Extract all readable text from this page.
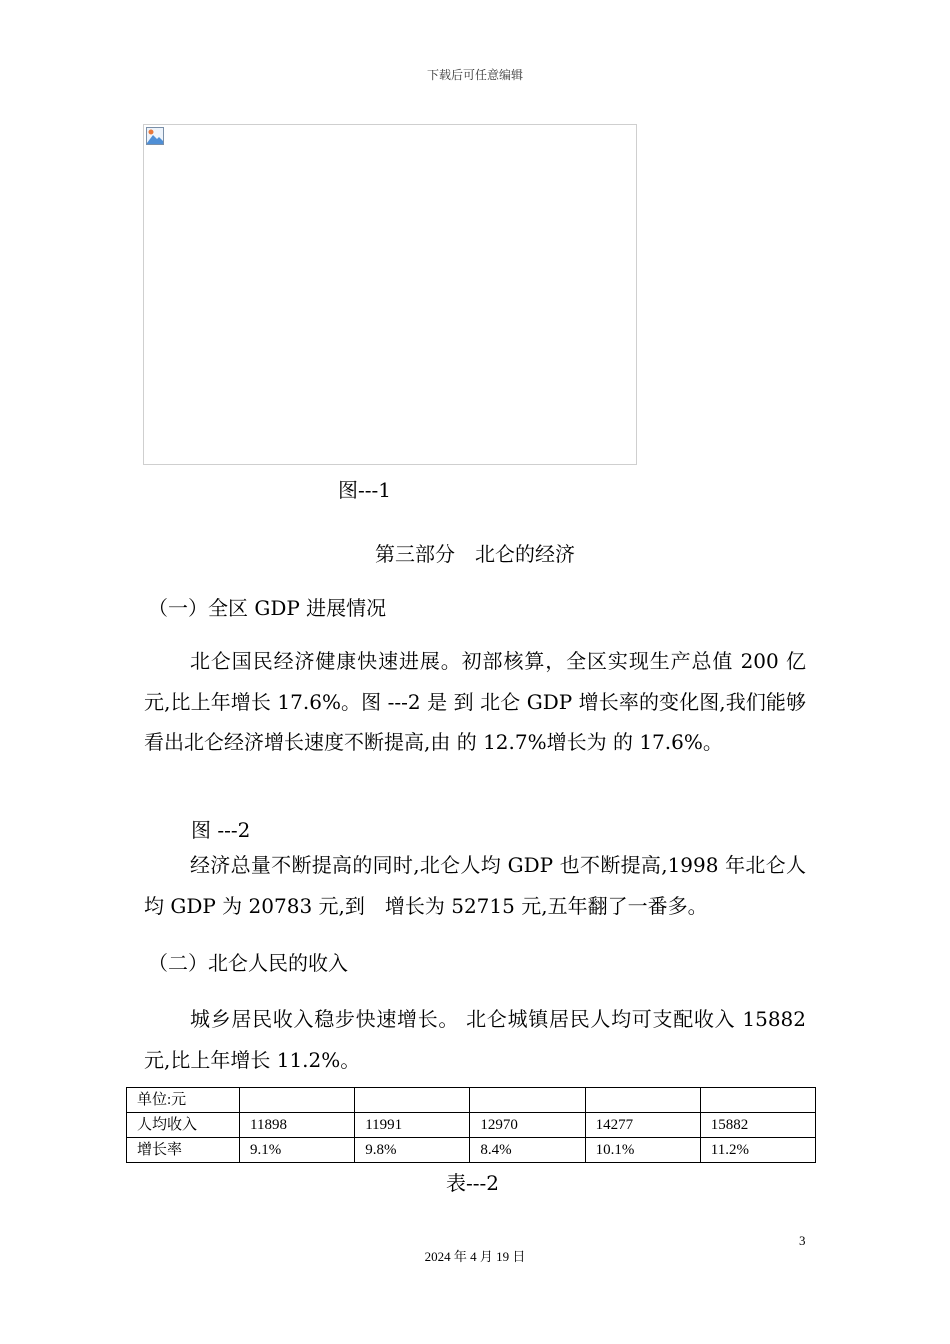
下载后可任意编辑
图---1
第三部分　北仑的经济
（一）全区 GDP 进展情况

北仑国民经济健康快速进展。初部核算，全区实现生产总值 200 亿元,比上年增长 17.6%。图 ---2 是 到 北仑 GDP 增长率的变化图,我们能够看出北仑经济增长速度不断提高,由 的 12.7%增长为 的 17.6%。

图 ---2

经济总量不断提高的同时,北仑人均 GDP 也不断提高,1998 年北仑人均 GDP 为 20783 元,到　增长为 52715 元,五年翻了一番多。

（二）北仑人民的收入

城乡居民收入稳步快速增长。 北仑城镇居民人均可支配收入 15882 元,比上年增长 11.2%。

单位:元					
人均收入	11898	11991	12970	14277	15882
增长率	9.1%	9.8%	8.4%	10.1%	11.2%
表---2
3
2024 年 4 月 19 日
